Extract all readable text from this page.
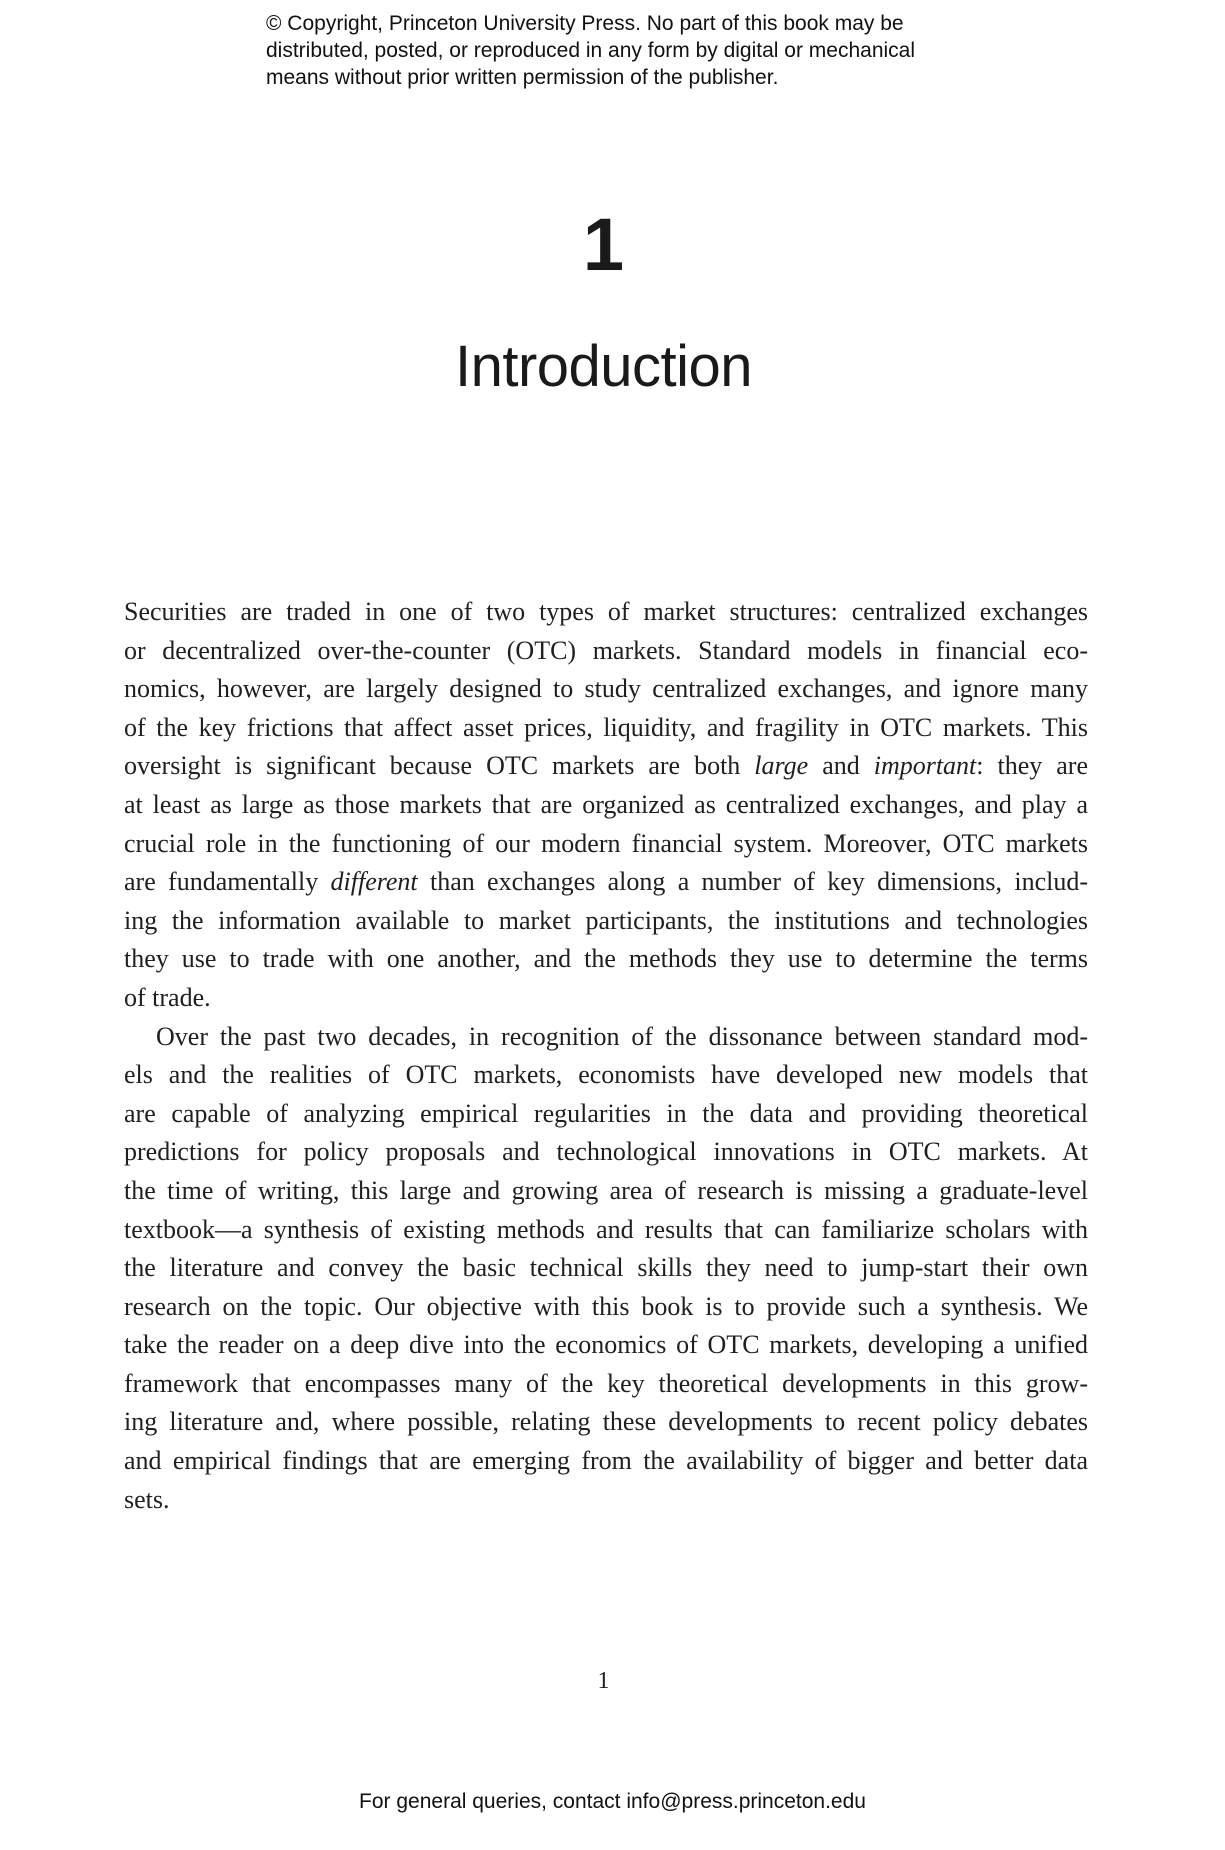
© Copyright, Princeton University Press. No part of this book may be
distributed, posted, or reproduced in any form by digital or mechanical
means without prior written permission of the publisher.
1
Introduction
Securities are traded in one of two types of market structures: centralized exchanges
or decentralized over-the-counter (OTC) markets. Standard models in financial eco-
nomics, however, are largely designed to study centralized exchanges, and ignore many
of the key frictions that affect asset prices, liquidity, and fragility in OTC markets. This
oversight is significant because OTC markets are both large and important: they are
at least as large as those markets that are organized as centralized exchanges, and play a
crucial role in the functioning of our modern financial system. Moreover, OTC markets
are fundamentally different than exchanges along a number of key dimensions, includ-
ing the information available to market participants, the institutions and technologies
they use to trade with one another, and the methods they use to determine the terms
of trade.
Over the past two decades, in recognition of the dissonance between standard mod-
els and the realities of OTC markets, economists have developed new models that
are capable of analyzing empirical regularities in the data and providing theoretical
predictions for policy proposals and technological innovations in OTC markets. At
the time of writing, this large and growing area of research is missing a graduate-level
textbook—a synthesis of existing methods and results that can familiarize scholars with
the literature and convey the basic technical skills they need to jump-start their own
research on the topic. Our objective with this book is to provide such a synthesis. We
take the reader on a deep dive into the economics of OTC markets, developing a unified
framework that encompasses many of the key theoretical developments in this grow-
ing literature and, where possible, relating these developments to recent policy debates
and empirical findings that are emerging from the availability of bigger and better data
sets.
1
For general queries, contact info@press.princeton.edu
